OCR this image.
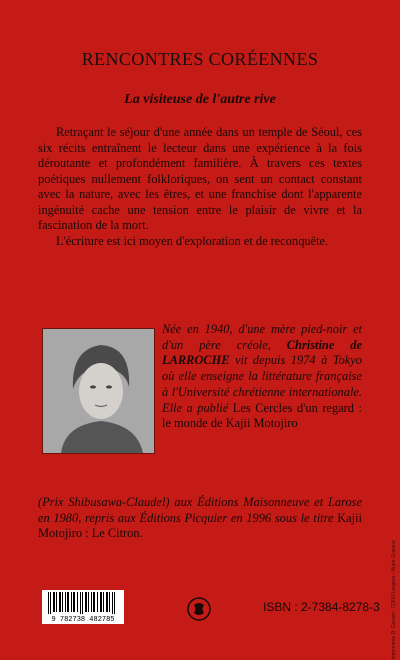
RENCONTRES CORÉENNES
La visiteuse de l'autre rive

Retraçant le séjour d'une année dans un temple de Séoul, ces six récits entraînent le lecteur dans une expérience à la fois déroutante et profondément familière. À travers ces textes poétiques nullement folkloriques, on sent un contact constant avec la nature, avec les êtres, et une franchise dont l'apparente ingénuité cache une tension entre le plaisir de vivre et la fascination de la mort.

L'écriture est ici moyen d'exploration et de reconquête.

Née en 1940, d'une mère pied-noir et d'un père créole, Christine de LARROCHE vit depuis 1974 à Tokyo où elle enseigne la littérature française à l'Université chrétienne internationale. Elle a publié Les Cercles d'un regard : le monde de Kajii Motojiro
(Prix Shibusawa-Claudel) aux Éditions Maisonneuve et Larose en 1980, repris aux Éditions Picquier en 1996 sous le titre Kajii Motojiro : Le Citron.
9 782738 482785
ISBN : 2-7384-8278-3 Imprimerie D. Garnier, 72200 Langres - Autre Graveur
